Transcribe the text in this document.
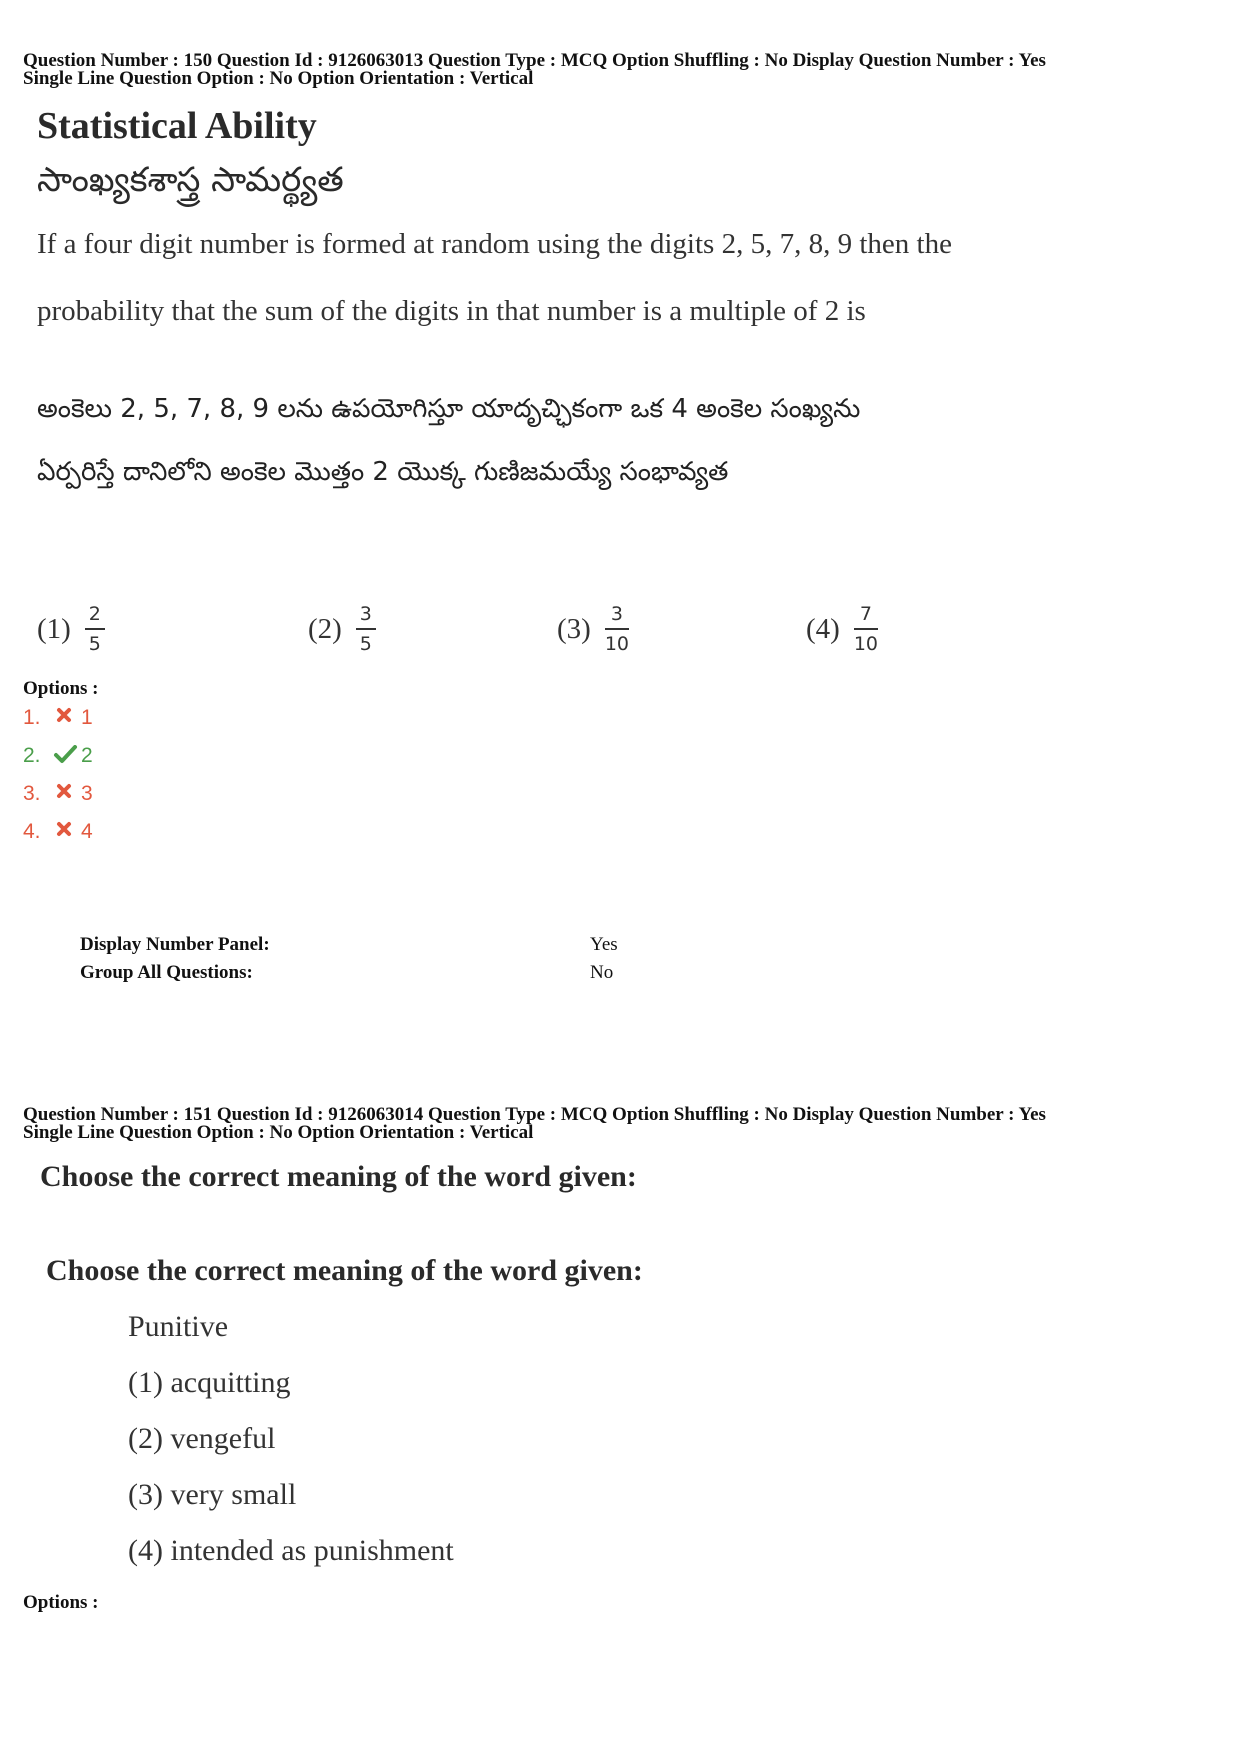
Question Number : 150 Question Id : 9126063013 Question Type : MCQ Option Shuffling : No Display Question Number : Yes
Single Line Question Option : No Option Orientation : Vertical
Statistical Ability
సాంఖ్యకశాస్త్ర సామర్థ్యత
If a four digit number is formed at random using the digits 2, 5, 7, 8, 9 then the
probability that the sum of the digits in that number is a multiple of 2 is
అంకెలు 2, 5, 7, 8, 9 లను ఉపయోగిస్తూ యాదృచ్ఛికంగా ఒక 4 అంకెల సంఖ్యను
ఏర్పరిస్తే దానిలోని అంకెల మొత్తం 2 యొక్క గుణిజమయ్యే సంభావ్యత
$(1) \frac{2}{5}$	$(2) \frac{3}{5}$	$(3) \frac{3}{10}$	$(4) \frac{7}{10}$
Options :
1.	1
2.	2
3.	3
4.	4
Display Number Panel:	Yes
Group All Questions:	No
Question Number : 151 Question Id : 9126063014 Question Type : MCQ Option Shuffling : No Display Question Number : Yes
Single Line Question Option : No Option Orientation : Vertical
Choose the correct meaning of the word given:
Choose the correct meaning of the word given:
Punitive
(1) acquitting
(2) vengeful
(3) very small
(4) intended as punishment
Options :
